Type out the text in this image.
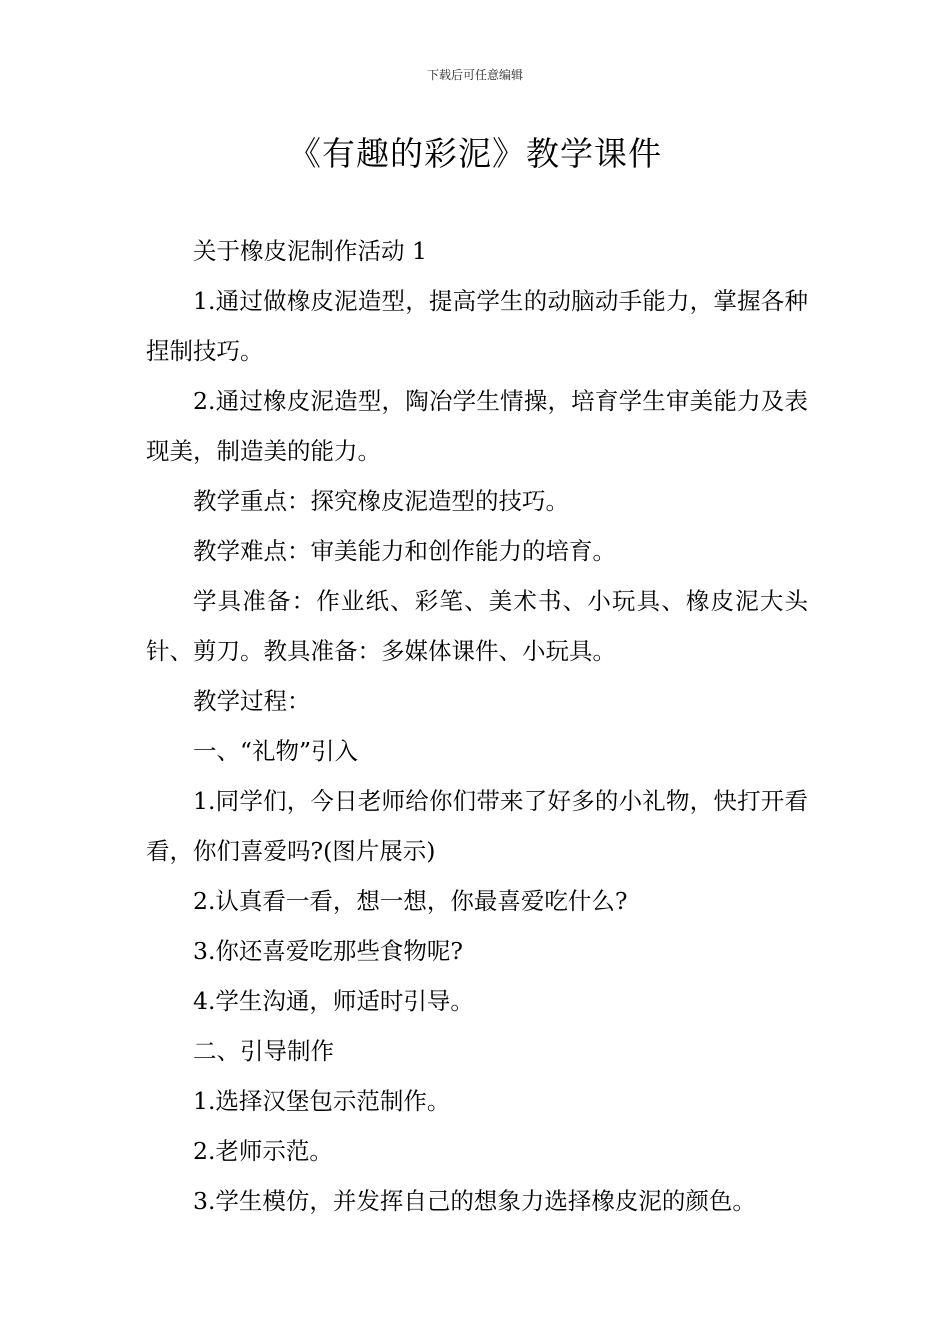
下载后可任意编辑
《有趣的彩泥》教学课件

关于橡皮泥制作活动 1

1.通过做橡皮泥造型，提高学生的动脑动手能力，掌握各种捏制技巧。

2.通过橡皮泥造型，陶冶学生情操，培育学生审美能力及表现美，制造美的能力。

教学重点：探究橡皮泥造型的技巧。

教学难点：审美能力和创作能力的培育。

学具准备：作业纸、彩笔、美术书、小玩具、橡皮泥大头针、剪刀。教具准备：多媒体课件、小玩具。

教学过程：

一、“礼物”引入

1.同学们，今日老师给你们带来了好多的小礼物，快打开看看，你们喜爱吗?(图片展示)

2.认真看一看，想一想，你最喜爱吃什么?

3.你还喜爱吃那些食物呢?

4.学生沟通，师适时引导。

二、引导制作

1.选择汉堡包示范制作。

2.老师示范。

3.学生模仿，并发挥自己的想象力选择橡皮泥的颜色。
